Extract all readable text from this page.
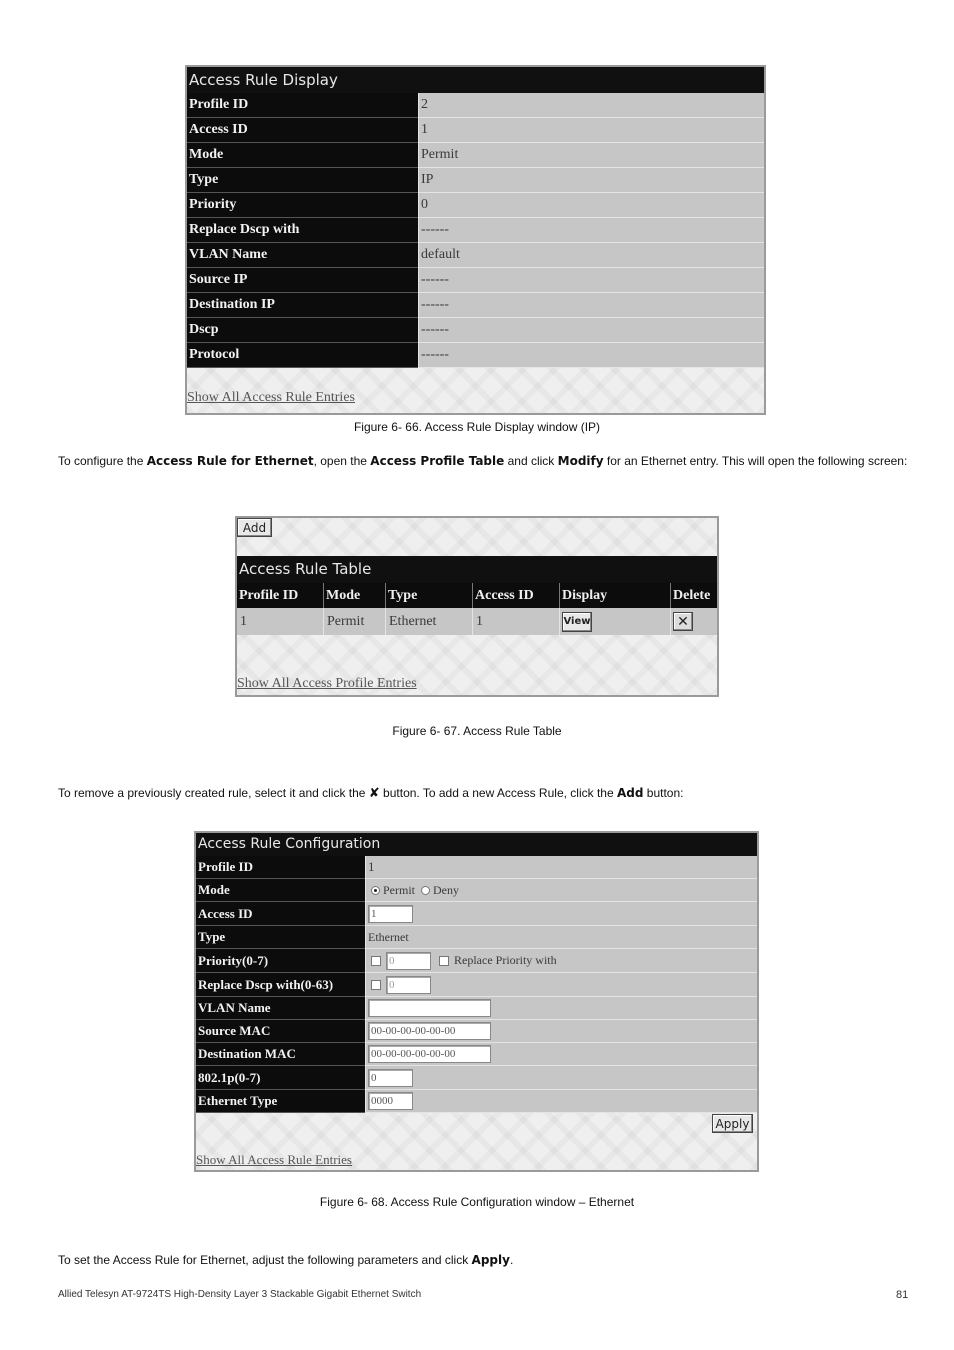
Access Rule Display
Profile ID	2
Access ID	1
Mode	Permit
Type	IP
Priority	0
Replace Dscp with	------
VLAN Name	default
Source IP	------
Destination IP	------
Dscp	------
Protocol	------
Show All Access Rule Entries
Figure 6- 66. Access Rule Display window (IP)
To configure the Access Rule for Ethernet, open the Access Profile Table and click Modify for an Ethernet entry. This will open the following screen:
Add
Access Rule Table
Profile ID	Mode	Type	Access ID	Display	Delete
1	Permit	Ethernet	1	View	✕
Show All Access Profile Entries
Figure 6- 67. Access Rule Table
To remove a previously created rule, select it and click the ✘ button. To add a new Access Rule, click the Add button:
Access Rule Configuration
Profile ID	1
Mode	Permit Deny
Access ID	1
Type	Ethernet
Priority(0-7)	0	Replace Priority with
Replace Dscp with(0-63)	0
VLAN Name
Source MAC	00-00-00-00-00-00
Destination MAC	00-00-00-00-00-00
802.1p(0-7)	0
Ethernet Type	0000
Apply
Show All Access Rule Entries
Figure 6- 68. Access Rule Configuration window – Ethernet
To set the Access Rule for Ethernet, adjust the following parameters and click Apply.
Allied Telesyn AT-9724TS High-Density Layer 3 Stackable Gigabit Ethernet Switch	81
